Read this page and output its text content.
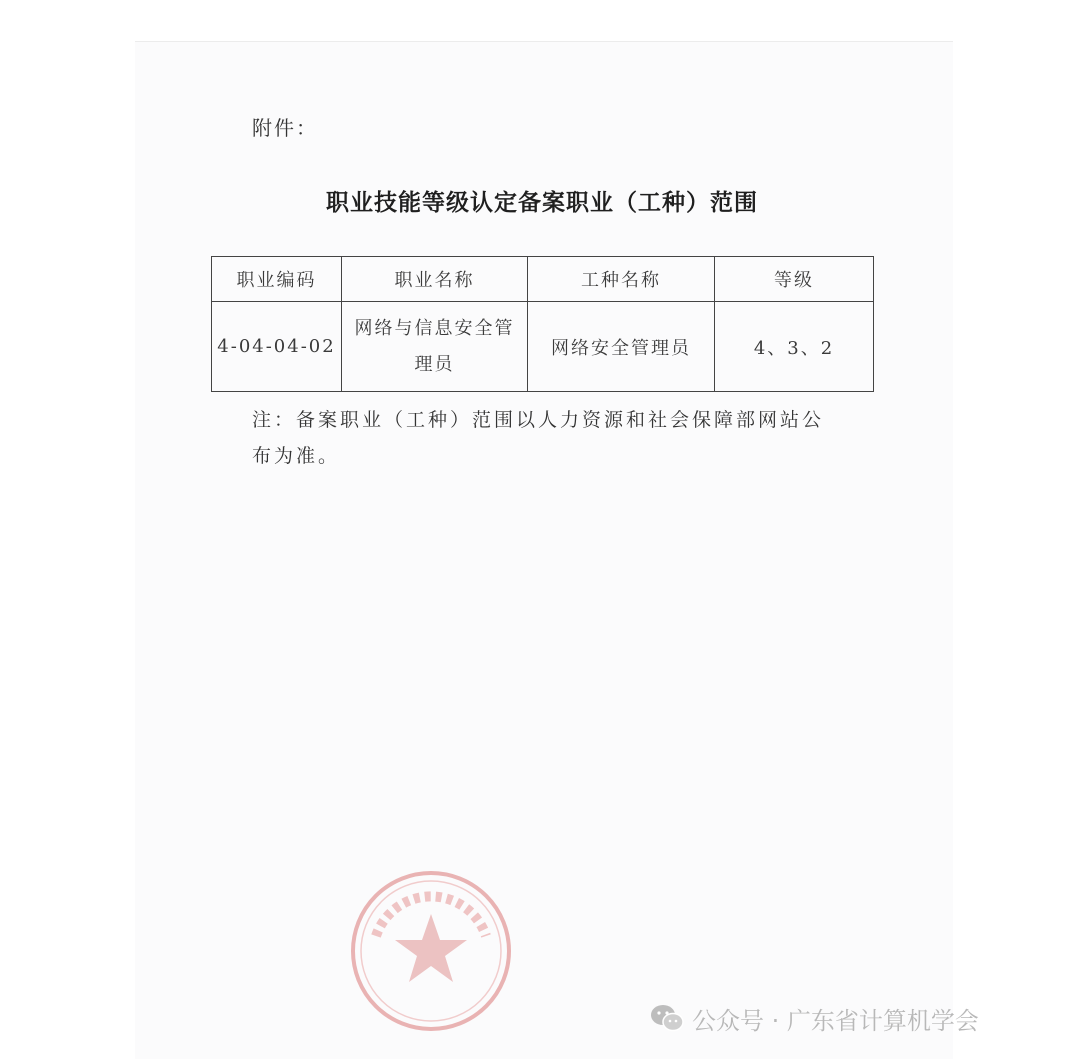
附件：
职业技能等级认定备案职业（工种）范围
职业编码	职业名称	工种名称	等级
4-04-04-02	网络与信息安全管理员	网络安全管理员	4、3、2
注：备案职业（工种）范围以人力资源和社会保障部网站公布为准。
公众号 · 广东省计算机学会
